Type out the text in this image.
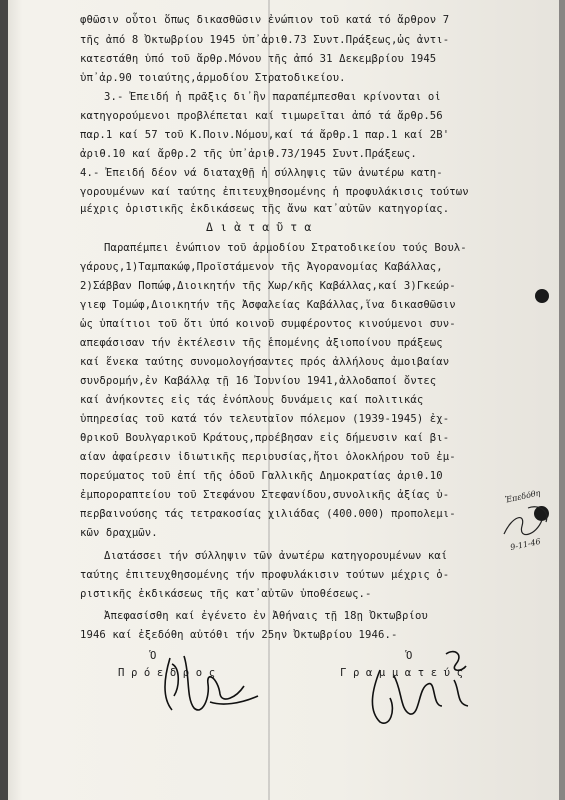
φθῶσιν οὗτοι ὅπως δικασθῶσιν ἐνώπιον τοῦ κατά τό ἄρθρον 7
τῆς ἀπό 8 Ὀκτωβρίου 1945 ὑπ᾽ἀριθ.73 Συντ.Πράξεως,ὡς ἀντι-
κατεστάθη ὑπό τοῦ ἄρθρ.Μόνου τῆς ἀπό 31 Δεκεμβρίου 1945
ὑπ᾽ἀρ.90 τοιαύτης,ἁρμοδίου Στρατοδικείου.
3.- Ἐπειδή ἡ πρᾶξις δι᾽ἣν παραπέμπεσθαι κρίνονται οἱ
κατηγορούμενοι προβλέπεται καί τιμωρεῖται ἀπό τά ἄρθρ.56
παρ.1 καί 57 τοῦ Κ.Ποιν.Νόμου,καί τά ἄρθρ.1 παρ.1 καί 2Β'
ἀριθ.10 καί ἄρθρ.2 τῆς ὑπ᾽ἀριθ.73/1945 Συντ.Πράξεως.
4.- Ἐπειδή δέον νά διαταχθῇ ἡ σύλληψις τῶν ἀνωτέρω κατη-
γορουμένων καί ταύτης ἐπιτευχθησομένης ἡ προφυλάκισις τούτων
μέχρις ὁριστικῆς ἐκδικάσεως τῆς ἄνω κατ᾽αὐτῶν κατηγορίας.
Δ ι ὰ τ α ῦ τ α
Παραπέμπει ἐνώπιον τοῦ ἁρμοδίου Στρατοδικείου τούς Βουλ-
γάρους,1)Ταμπακώφ,Προϊστάμενον τῆς Ἀγορανομίας Καβάλλας,
2)Σάββαν Ποπώφ,Διοικητήν τῆς Χωρ/κῆς Καβάλλας,καί 3)Γκεώρ-
γιεφ Τομώφ,Διοικητήν τῆς Ἀσφαλείας Καβάλλας,ἵνα δικασθῶσιν
ὡς ὑπαίτιοι τοῦ ὅτι ὑπό κοινοῦ συμφέροντος κινούμενοι συν-
απεφάσισαν τήν ἐκτέλεσιν τῆς ἑπομένης ἀξιοποίνου πράξεως
καί ἕνεκα ταύτης συνομολογήσαντες πρός ἀλλήλους ἀμοιβαίαν
συνδρομήν,ἐν Καβάλλᾳ τῇ 16 Ἰουνίου 1941,ἀλλοδαποί ὄντες
καί ἀνήκοντες εἰς τάς ἐνόπλους δυνάμεις καί πολιτικάς
ὑπηρεσίας τοῦ κατά τόν τελευταῖον πόλεμον (1939-1945) ἐχ-
θρικοῦ Βουλγαρικοῦ Κράτους,προέβησαν εἰς δήμευσιν καί βι-
αίαν ἀφαίρεσιν ἰδιωτικῆς περιουσίας,ἤτοι ὁλοκλήρου τοῦ ἐμ-
πορεύματος τοῦ ἐπί τῆς ὁδοῦ Γαλλικῆς Δημοκρατίας ἀριθ.10
ἐμποροραπτείου τοῦ Στεφάνου Στεφανίδου,συνολικῆς ἀξίας ὑ-
περβαινούσης τάς τετρακοσίας χιλιάδας (400.000) προπολεμι-
κῶν δραχμῶν.
Διατάσσει τήν σύλληψιν τῶν ἀνωτέρω κατηγορουμένων καί
ταύτης ἐπιτευχθησομένης τήν προφυλάκισιν τούτων μέχρις ὁ-
ριστικῆς ἐκδικάσεως τῆς κατ᾽αὐτῶν ὑποθέσεως.-
Ἀπεφασίσθη καί ἐγένετο ἐν Ἀθήναις τῇ 18ῃ Ὀκτωβρίου
1946 καί ἐξεδόθη αὐτόθι τήν 25ην Ὀκτωβρίου 1946.-
Ὁ
Π ρ ό ε δ ρ ο ς
Ὁ
Γ ρ α μ μ α τ ε ύ ς
Ἐπεδόθη
9-11-46
